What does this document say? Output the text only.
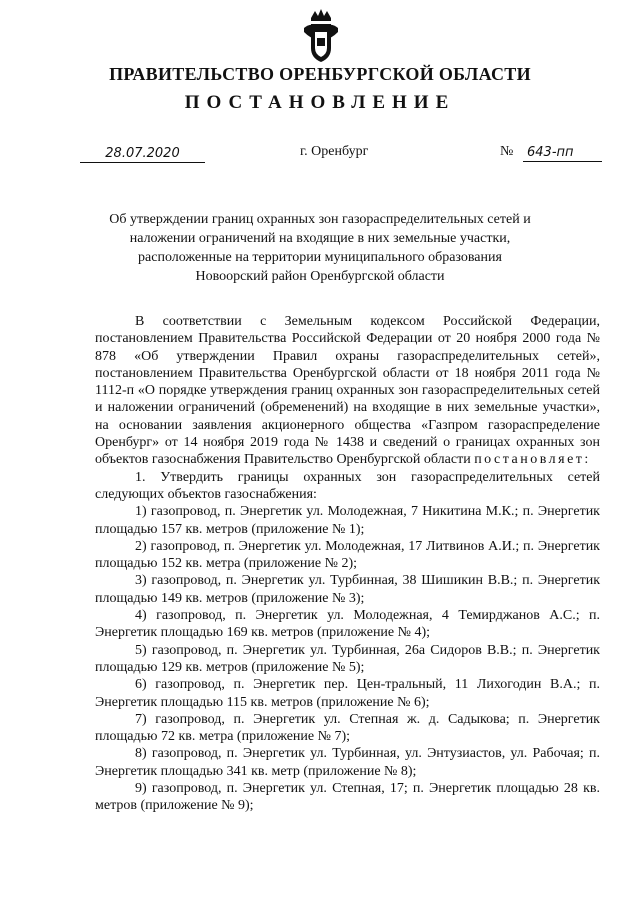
ПРАВИТЕЛЬСТВО ОРЕНБУРГСКОЙ ОБЛАСТИ
ПОСТАНОВЛЕНИЕ
28.07.2020	г. Оренбург	№	643-пп
Об утверждении границ охранных зон газораспределительных сетей и
наложении ограничений на входящие в них земельные участки,
расположенные на территории муниципального образования
Новоорский район Оренбургской области

В соответствии с Земельным кодексом Российской Федерации, постановлением Правительства Российской Федерации от 20 ноября 2000 года № 878 «Об утверждении Правил охраны газораспределительных сетей», постановлением Правительства Оренбургской области от 18 ноября 2011 года № 1112-п «О порядке утверждения границ охранных зон газораспределительных сетей и наложении ограничений (обременений) на входящие в них земельные участки», на основании заявления акционерного общества «Газпром газораспределение Оренбург» от 14 ноября 2019 года № 1438 и сведений о границах охранных зон объектов газоснабжения Правительство Оренбургской области постановляет:

1. Утвердить границы охранных зон газораспределительных сетей следующих объектов газоснабжения:

1) газопровод, п. Энергетик ул. Молодежная, 7 Никитина М.К.; п. Энергетик площадью 157 кв. метров (приложение № 1);

2) газопровод, п. Энергетик ул. Молодежная, 17 Литвинов А.И.; п. Энергетик площадью 152 кв. метра (приложение № 2);

3) газопровод, п. Энергетик ул. Турбинная, 38 Шишикин В.В.; п. Энергетик площадью 149 кв. метров (приложение № 3);

4) газопровод, п. Энергетик ул. Молодежная, 4 Темирджанов А.С.; п. Энергетик площадью 169 кв. метров (приложение № 4);

5) газопровод, п. Энергетик ул. Турбинная, 26а Сидоров В.В.; п. Энергетик площадью 129 кв. метров (приложение № 5);

6) газопровод, п. Энергетик пер. Цен-тральный, 11 Лихогодин В.А.; п. Энергетик площадью 115 кв. метров (приложение № 6);

7) газопровод, п. Энергетик ул. Степная ж. д. Садыкова; п. Энергетик площадью 72 кв. метра (приложение № 7);

8) газопровод, п. Энергетик ул. Турбинная, ул. Энтузиастов, ул. Рабочая; п. Энергетик площадью 341 кв. метр (приложение № 8);

9) газопровод, п. Энергетик ул. Степная, 17; п. Энергетик площадью 28 кв. метров (приложение № 9);
